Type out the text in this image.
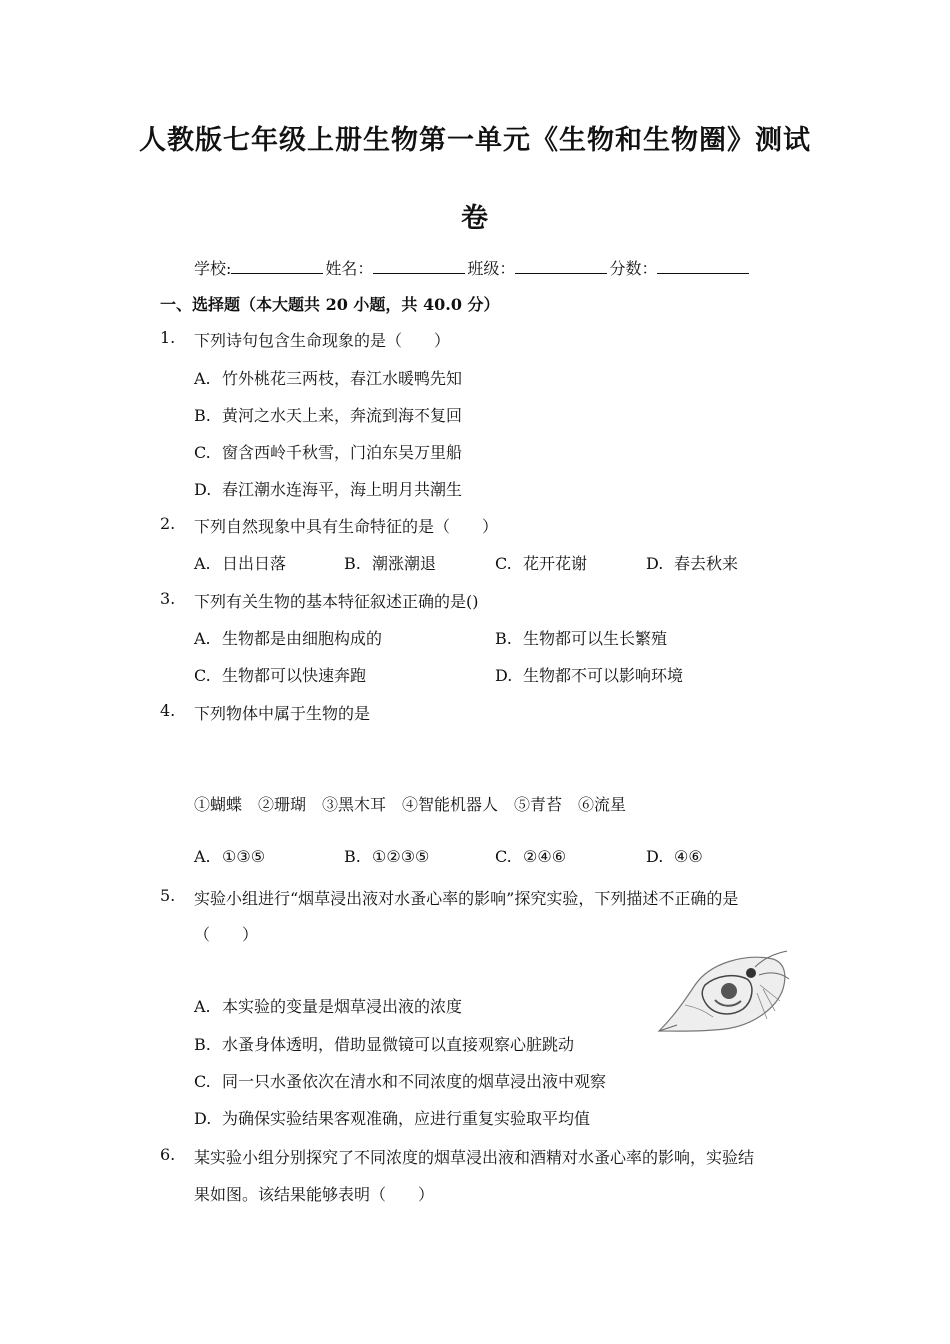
人教版七年级上册生物第一单元《生物和生物圈》测试
卷
学校:	姓名：	班级：	分数：
一、选择题（本大题共 20 小题，共 40.0 分）
1. 下列诗句包含生命现象的是（　　）
A. 竹外桃花三两枝，春江水暖鸭先知
B. 黄河之水天上来，奔流到海不复回
C. 窗含西岭千秋雪，门泊东吴万里船
D. 春江潮水连海平，海上明月共潮生
2. 下列自然现象中具有生命特征的是（　　）
A. 日出日落	B. 潮涨潮退	C. 花开花谢	D. 春去秋来
3. 下列有关生物的基本特征叙述正确的是()
A. 生物都是由细胞构成的	B. 生物都可以生长繁殖
C. 生物都可以快速奔跑	D. 生物都不可以影响环境
4. 下列物体中属于生物的是
①蝴蝶　②珊瑚　③黑木耳　④智能机器人　⑤青苔　⑥流星
A. ①③⑤	B. ①②③⑤	C. ②④⑥	D. ④⑥
5. 实验小组进行“烟草浸出液对水蚤心率的影响”探究实验，下列描述不正确的是
（　　）
A. 本实验的变量是烟草浸出液的浓度
B. 水蚤身体透明，借助显微镜可以直接观察心脏跳动
C. 同一只水蚤依次在清水和不同浓度的烟草浸出液中观察
D. 为确保实验结果客观准确，应进行重复实验取平均值
6. 某实验小组分别探究了不同浓度的烟草浸出液和酒精对水蚤心率的影响，实验结
果如图。该结果能够表明（　　）
